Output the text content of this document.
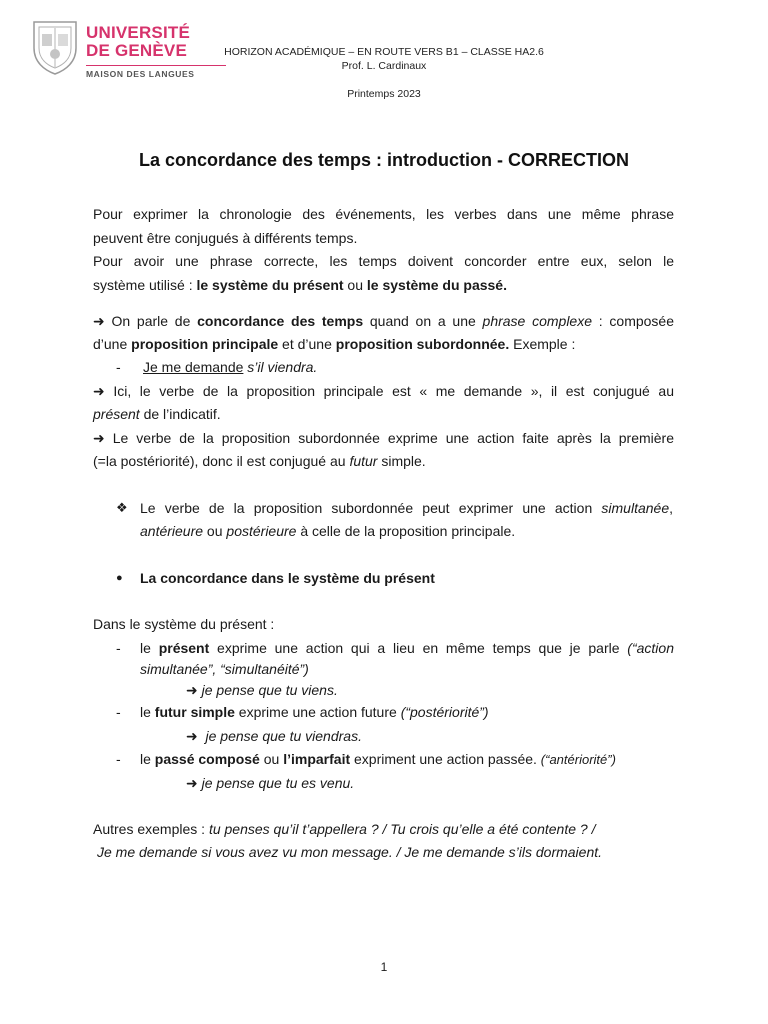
UNIVERSITÉ
DE GENÈVE
MAISON DES LANGUES
HORIZON ACADÉMIQUE – EN ROUTE VERS B1 – CLASSE HA2.6
Prof. L. Cardinaux
Printemps 2023
La concordance des temps : introduction - CORRECTION
Pour exprimer la chronologie des événements, les verbes dans une même phrase
peuvent être conjugués à différents temps.
Pour avoir une phrase correcte, les temps doivent concorder entre eux, selon le
système utilisé : le système du présent ou le système du passé.
➜ On parle de concordance des temps quand on a une phrase complexe : composée
d’une proposition principale et d’une proposition subordonnée. Exemple :
- Je me demande s’il viendra.
➜ Ici, le verbe de la proposition principale est « me demande », il est conjugué au
présent de l’indicatif.
➜ Le verbe de la proposition subordonnée exprime une action faite après la première
(=la postériorité), donc il est conjugué au futur simple.
❖ Le verbe de la proposition subordonnée peut exprimer une action simultanée,
antérieure ou postérieure à celle de la proposition principale.
● La concordance dans le système du présent
Dans le système du présent :
- le présent exprime une action qui a lieu en même temps que je parle (“action
simultanée”, “simultanéité”)
➜ je pense que tu viens.
- le futur simple exprime une action future (“postériorité”)
➜ je pense que tu viendras.
- le passé composé ou l’imparfait expriment une action passée. (“antériorité”)
➜ je pense que tu es venu.
Autres exemples : tu penses qu’il t’appellera ? / Tu crois qu’elle a été contente ? /
Je me demande si vous avez vu mon message. / Je me demande s’ils dormaient.
1
